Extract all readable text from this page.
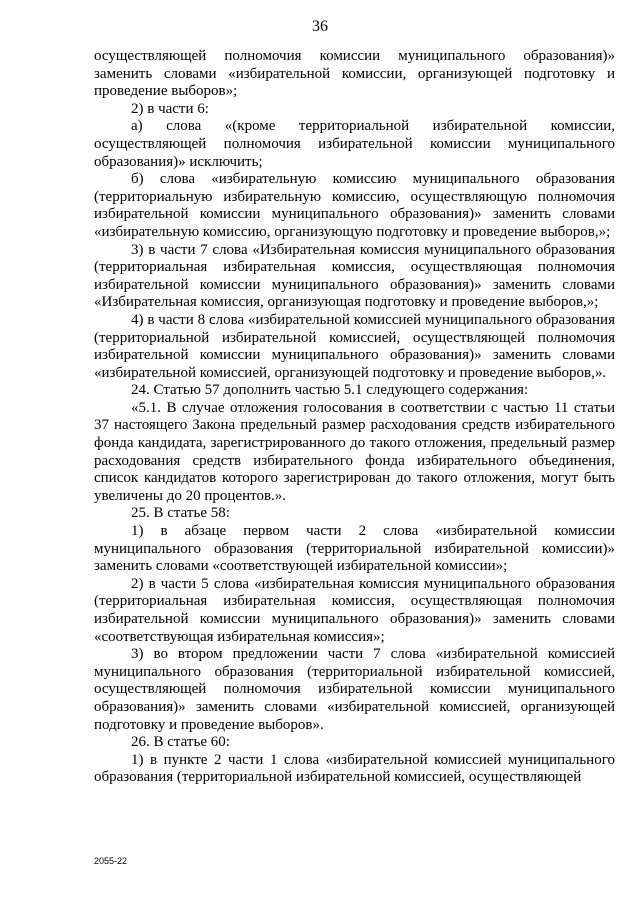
36

осуществляющей полномочия комиссии муниципального образования)» заменить словами «избирательной комиссии, организующей подготовку и проведение выборов»;

2) в части 6:

а) слова «(кроме территориальной избирательной комиссии, осуществляющей полномочия избирательной комиссии муниципального образования)» исключить;

б) слова «избирательную комиссию муниципального образования (территориальную избирательную комиссию, осуществляющую полномочия избирательной комиссии муниципального образования)» заменить словами «избирательную комиссию, организующую подготовку и проведение выборов,»;

3) в части 7 слова «Избирательная комиссия муниципального образования (территориальная избирательная комиссия, осуществляющая полномочия избирательной комиссии муниципального образования)» заменить словами «Избирательная комиссия, организующая подготовку и проведение выборов,»;

4) в части 8 слова «избирательной комиссией муниципального образования (территориальной избирательной комиссией, осуществляющей полномочия избирательной комиссии муниципального образования)» заменить словами «избирательной комиссией, организующей подготовку и проведение выборов,».

24. Статью 57 дополнить частью 5.1 следующего содержания:

«5.1. В случае отложения голосования в соответствии с частью 11 статьи 37 настоящего Закона предельный размер расходования средств избирательного фонда кандидата, зарегистрированного до такого отложения, предельный размер расходования средств избирательного фонда избирательного объединения, список кандидатов которого зарегистрирован до такого отложения, могут быть увеличены до 20 процентов.».

25. В статье 58:

1) в абзаце первом части 2 слова «избирательной комиссии муниципального образования (территориальной избирательной комиссии)» заменить словами «соответствующей избирательной комиссии»;

2) в части 5 слова «избирательная комиссия муниципального образования (территориальная избирательная комиссия, осуществляющая полномочия избирательной комиссии муниципального образования)» заменить словами «соответствующая избирательная комиссия»;

3) во втором предложении части 7 слова «избирательной комиссией муниципального образования (территориальной избирательной комиссией, осуществляющей полномочия избирательной комиссии муниципального образования)» заменить словами «избирательной комиссией, организующей подготовку и проведение выборов».

26. В статье 60:

1) в пункте 2 части 1 слова «избирательной комиссией муниципального образования (территориальной избирательной комиссией, осуществляющей

2055-22
